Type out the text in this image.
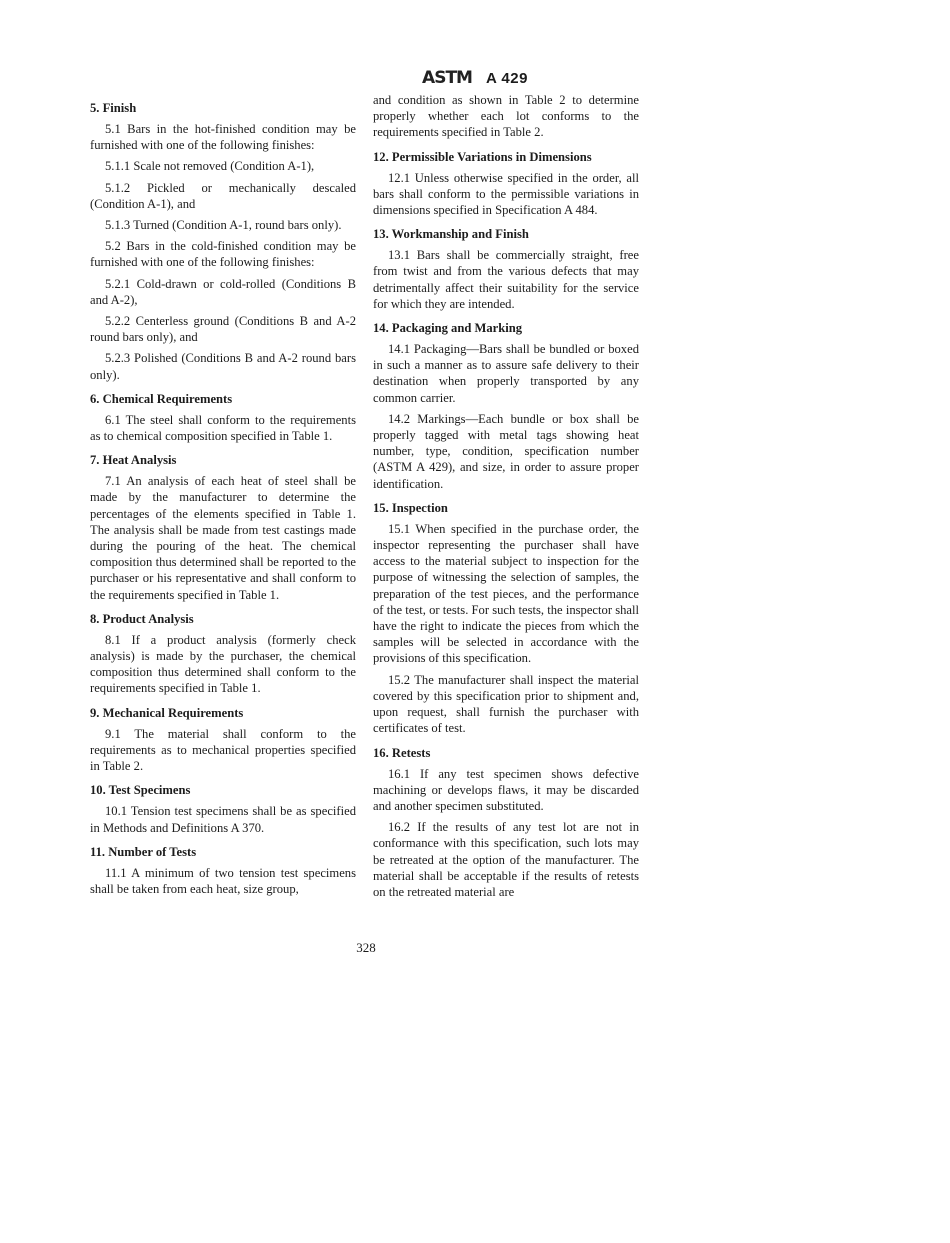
ASTM A 429
5. Finish

5.1 Bars in the hot-finished condition may be furnished with one of the following finishes:

5.1.1 Scale not removed (Condition A-1),

5.1.2 Pickled or mechanically descaled (Condition A-1), and

5.1.3 Turned (Condition A-1, round bars only).

5.2 Bars in the cold-finished condition may be furnished with one of the following finishes:

5.2.1 Cold-drawn or cold-rolled (Conditions B and A-2),

5.2.2 Centerless ground (Conditions B and A-2 round bars only), and

5.2.3 Polished (Conditions B and A-2 round bars only).

6. Chemical Requirements

6.1 The steel shall conform to the requirements as to chemical composition specified in Table 1.

7. Heat Analysis

7.1 An analysis of each heat of steel shall be made by the manufacturer to determine the percentages of the elements specified in Table 1. The analysis shall be made from test castings made during the pouring of the heat. The chemical composition thus determined shall be reported to the purchaser or his representative and shall conform to the requirements specified in Table 1.

8. Product Analysis

8.1 If a product analysis (formerly check analysis) is made by the purchaser, the chemical composition thus determined shall conform to the requirements specified in Table 1.

9. Mechanical Requirements

9.1 The material shall conform to the requirements as to mechanical properties specified in Table 2.

10. Test Specimens

10.1 Tension test specimens shall be as specified in Methods and Definitions A 370.

11. Number of Tests

11.1 A minimum of two tension test specimens shall be taken from each heat, size group,

and condition as shown in Table 2 to determine properly whether each lot conforms to the requirements specified in Table 2.

12. Permissible Variations in Dimensions

12.1 Unless otherwise specified in the order, all bars shall conform to the permissible variations in dimensions specified in Specification A 484.

13. Workmanship and Finish

13.1 Bars shall be commercially straight, free from twist and from the various defects that may detrimentally affect their suitability for the service for which they are intended.

14. Packaging and Marking

14.1 Packaging—Bars shall be bundled or boxed in such a manner as to assure safe delivery to their destination when properly transported by any common carrier.

14.2 Markings—Each bundle or box shall be properly tagged with metal tags showing heat number, type, condition, specification number (ASTM A 429), and size, in order to assure proper identification.

15. Inspection

15.1 When specified in the purchase order, the inspector representing the purchaser shall have access to the material subject to inspection for the purpose of witnessing the selection of samples, the preparation of the test pieces, and the performance of the test, or tests. For such tests, the inspector shall have the right to indicate the pieces from which the samples will be selected in accordance with the provisions of this specification.

15.2 The manufacturer shall inspect the material covered by this specification prior to shipment and, upon request, shall furnish the purchaser with certificates of test.

16. Retests

16.1 If any test specimen shows defective machining or develops flaws, it may be discarded and another specimen substituted.

16.2 If the results of any test lot are not in conformance with this specification, such lots may be retreated at the option of the manufacturer. The material shall be acceptable if the results of retests on the retreated material are

328
